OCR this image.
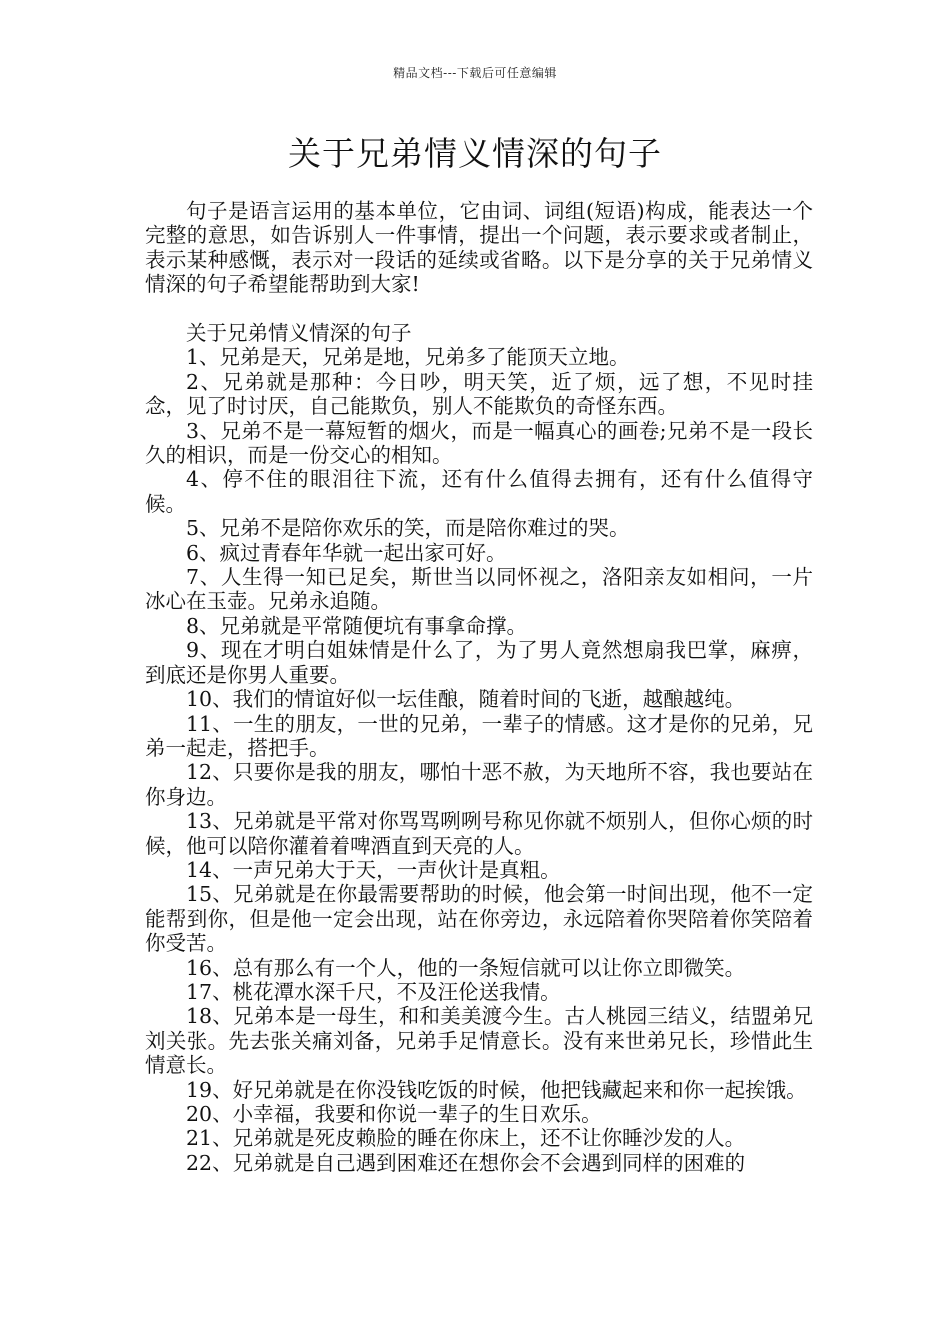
精品文档---下载后可任意编辑
关于兄弟情义情深的句子

句子是语言运用的基本单位，它由词、词组(短语)构成，能表达一个完整的意思，如告诉别人一件事情，提出一个问题，表示要求或者制止，表示某种感慨，表示对一段话的延续或省略。以下是分享的关于兄弟情义情深的句子希望能帮助到大家!

关于兄弟情义情深的句子

1、兄弟是天，兄弟是地，兄弟多了能顶天立地。

2、兄弟就是那种：今日吵，明天笑，近了烦，远了想，不见时挂念，见了时讨厌，自己能欺负，别人不能欺负的奇怪东西。

3、兄弟不是一幕短暂的烟火，而是一幅真心的画卷;兄弟不是一段长久的相识，而是一份交心的相知。

4、停不住的眼泪往下流，还有什么值得去拥有，还有什么值得守候。

5、兄弟不是陪你欢乐的笑，而是陪你难过的哭。

6、疯过青春年华就一起出家可好。

7、人生得一知已足矣，斯世当以同怀视之，洛阳亲友如相问，一片冰心在玉壶。兄弟永追随。

8、兄弟就是平常随便坑有事拿命撑。

9、现在才明白姐妹情是什么了，为了男人竟然想扇我巴掌，麻痹，到底还是你男人重要。

10、我们的情谊好似一坛佳酿，随着时间的飞逝，越酿越纯。

11、一生的朋友，一世的兄弟，一辈子的情感。这才是你的兄弟，兄弟一起走，搭把手。

12、只要你是我的朋友，哪怕十恶不赦，为天地所不容，我也要站在你身边。

13、兄弟就是平常对你骂骂咧咧号称见你就不烦别人，但你心烦的时候，他可以陪你灌着着啤酒直到天亮的人。

14、一声兄弟大于天，一声伙计是真粗。

15、兄弟就是在你最需要帮助的时候，他会第一时间出现，他不一定能帮到你，但是他一定会出现，站在你旁边，永远陪着你哭陪着你笑陪着你受苦。

16、总有那么有一个人，他的一条短信就可以让你立即微笑。

17、桃花潭水深千尺，不及汪伦送我情。

18、兄弟本是一母生，和和美美渡今生。古人桃园三结义，结盟弟兄刘关张。先去张关痛刘备，兄弟手足情意长。没有来世弟兄长，珍惜此生情意长。

19、好兄弟就是在你没钱吃饭的时候，他把钱藏起来和你一起挨饿。

20、小幸福，我要和你说一辈子的生日欢乐。

21、兄弟就是死皮赖脸的睡在你床上，还不让你睡沙发的人。

22、兄弟就是自己遇到困难还在想你会不会遇到同样的困难的
